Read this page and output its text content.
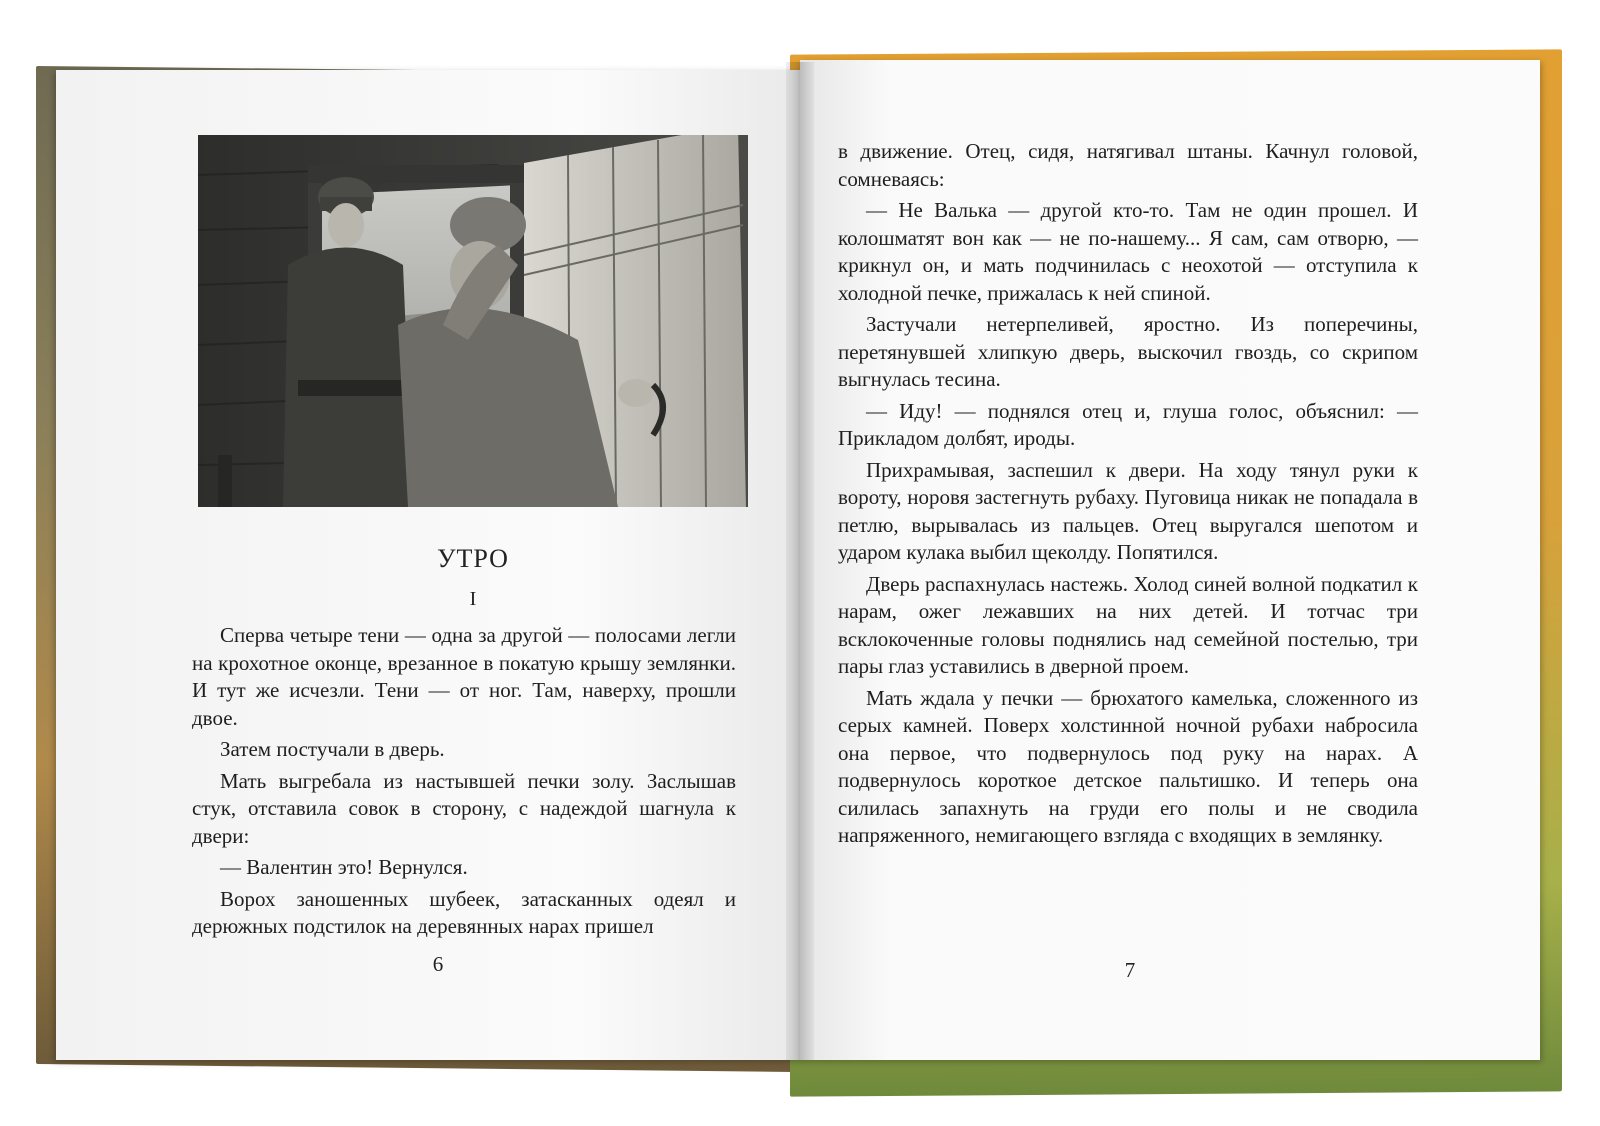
УТРО
I

Сперва четыре тени — одна за другой — полосами легли на крохотное оконце, врезанное в покатую крышу землянки. И тут же исчезли. Тени — от ног. Там, наверху, прошли двое.

Затем постучали в дверь.

Мать выгребала из настывшей печки золу. Заслышав стук, отставила совок в сторону, с надеждой шагнула к двери:

— Валентин это! Вернулся.

Ворох заношенных шубеек, затасканных одеял и дерюжных подстилок на деревянных нарах пришел

в движение. Отец, сидя, натягивал штаны. Качнул головой, сомневаясь:

— Не Валька — другой кто-то. Там не один прошел. И колошматят вон как — не по-нашему... Я сам, сам отворю, — крикнул он, и мать подчинилась с неохотой — отступила к холодной печке, прижалась к ней спиной.

Застучали нетерпеливей, яростно. Из поперечины, перетянувшей хлипкую дверь, выскочил гвоздь, со скрипом выгнулась тесина.

— Иду! — поднялся отец и, глуша голос, объяснил: — Прикладом долбят, ироды.

Прихрамывая, заспешил к двери. На ходу тянул руки к вороту, норовя застегнуть рубаху. Пуговица никак не попадала в петлю, вырывалась из пальцев. Отец выругался шепотом и ударом кулака выбил щеколду. Попятился.

Дверь распахнулась настежь. Холод синей волной подкатил к нарам, ожег лежавших на них детей. И тотчас три всклокоченные головы поднялись над семейной постелью, три пары глаз уставились в дверной проем.

Мать ждала у печки — брюхатого камелька, сложенного из серых камней. Поверх холстинной ночной рубахи набросила она первое, что подвернулось под руку на нарах. А подвернулось короткое детское пальтишко. И теперь она силилась запахнуть на груди его полы и не сводила напряженного, немигающего взгляда с входящих в землянку.

6	7
